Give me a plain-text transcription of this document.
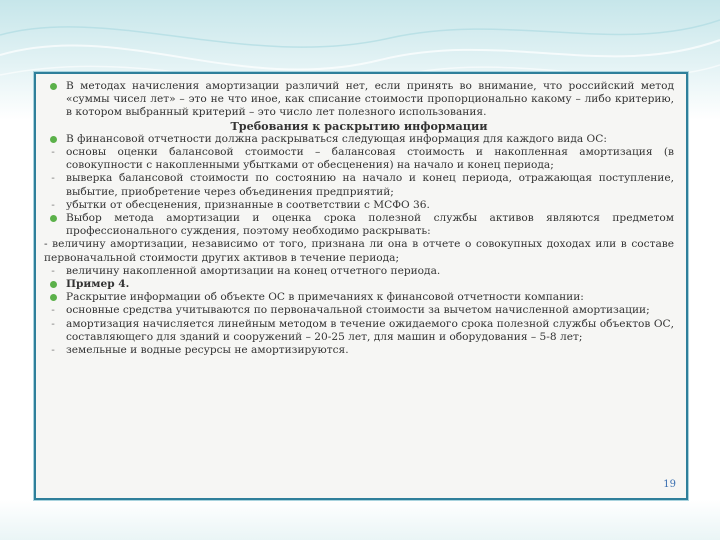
В методах начисления амортизации различий нет, если принять во внимание, что российский метод «суммы чисел лет» – это не что иное, как списание стоимости пропорционально какому – либо критерию, в котором выбранный критерий – это число лет полезного использования.
Требования к раскрытию информации
В финансовой отчетности должна раскрываться следующая информация для каждого вида ОС:
-	основы оценки балансовой стоимости – балансовая стоимость и накопленная амортизация (в совокупности с накопленными убытками от обесценения) на начало и конец периода;
-	выверка балансовой стоимости по состоянию на начало и конец периода, отражающая поступление, выбытие, приобретение через объединения предприятий;
-	убытки от обесценения, признанные в соответствии с МСФО 36.
Выбор метода амортизации и оценка срока полезной службы активов являются предметом профессионального суждения, поэтому необходимо раскрывать:
- величину амортизации, независимо от того, признана ли она в отчете о совокупных доходах или в составе первоначальной стоимости других активов в течение периода;
-	величину накопленной амортизации на конец отчетного периода.
Пример 4.
Раскрытие информации об объекте ОС в примечаниях к финансовой отчетности компании:
-	основные средства учитываются по первоначальной стоимости за вычетом начисленной амортизации;
-	амортизация начисляется линейным методом в течение ожидаемого срока полезной службы объектов ОС, составляющего для зданий и сооружений – 20-25 лет, для машин и оборудования – 5-8 лет;
-	земельные и водные ресурсы не амортизируются.
19
